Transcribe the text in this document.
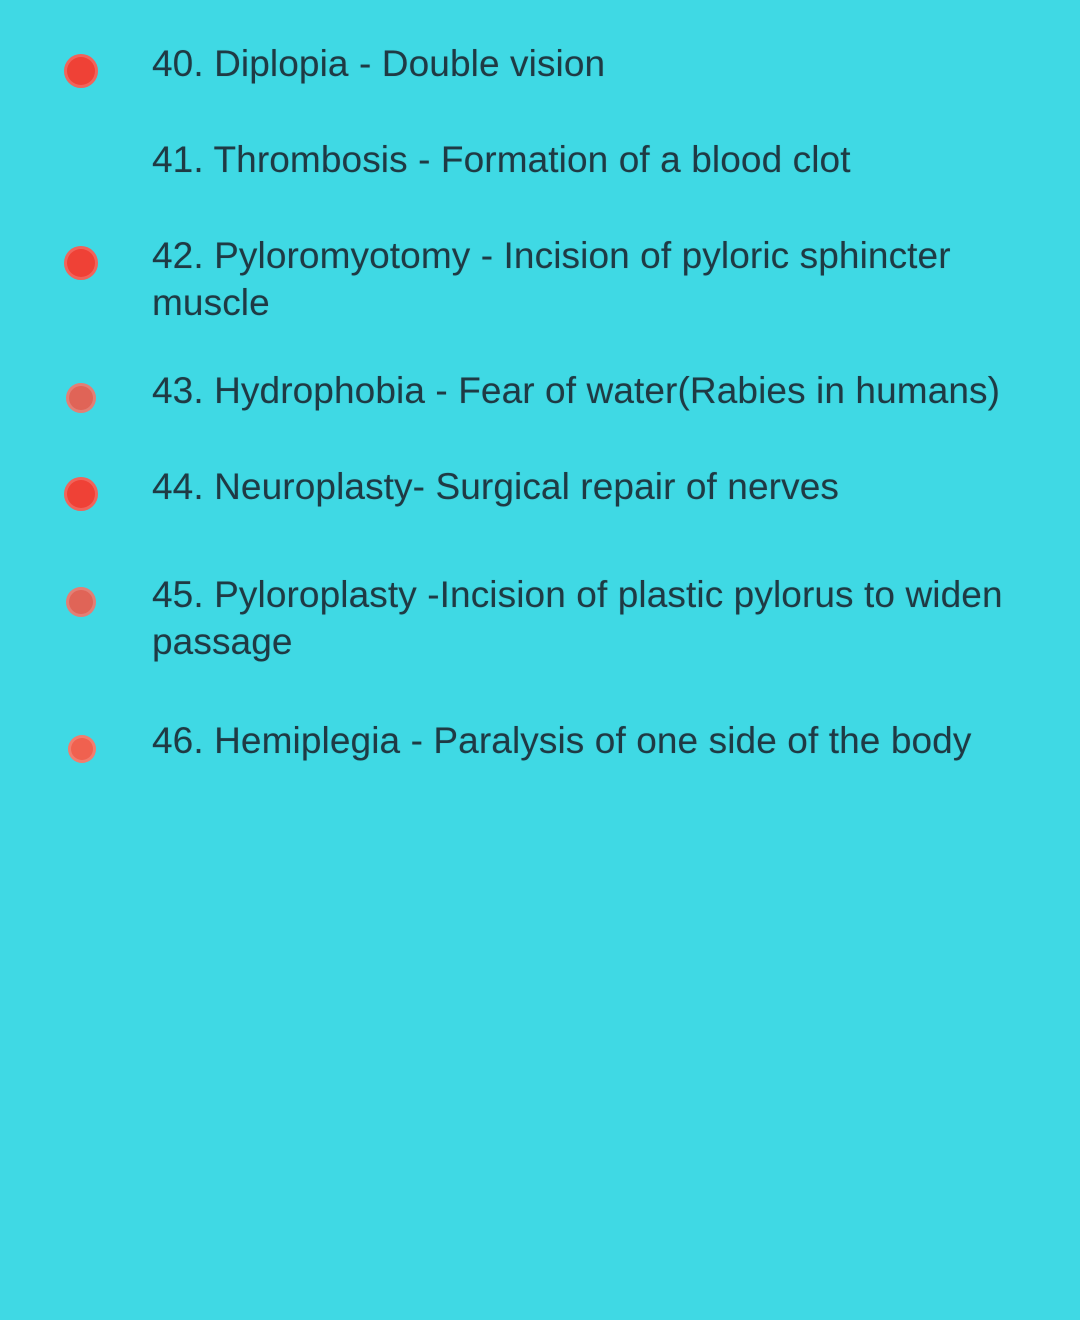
40. Diplopia - Double vision
41. Thrombosis - Formation of a blood clot
42. Pyloromyotomy - Incision of pyloric sphincter muscle
43. Hydrophobia - Fear of water(Rabies in humans)
44. Neuroplasty- Surgical repair of nerves
45. Pyloroplasty -Incision of plastic pylorus to widen passage
46. Hemiplegia - Paralysis of one side of the body
